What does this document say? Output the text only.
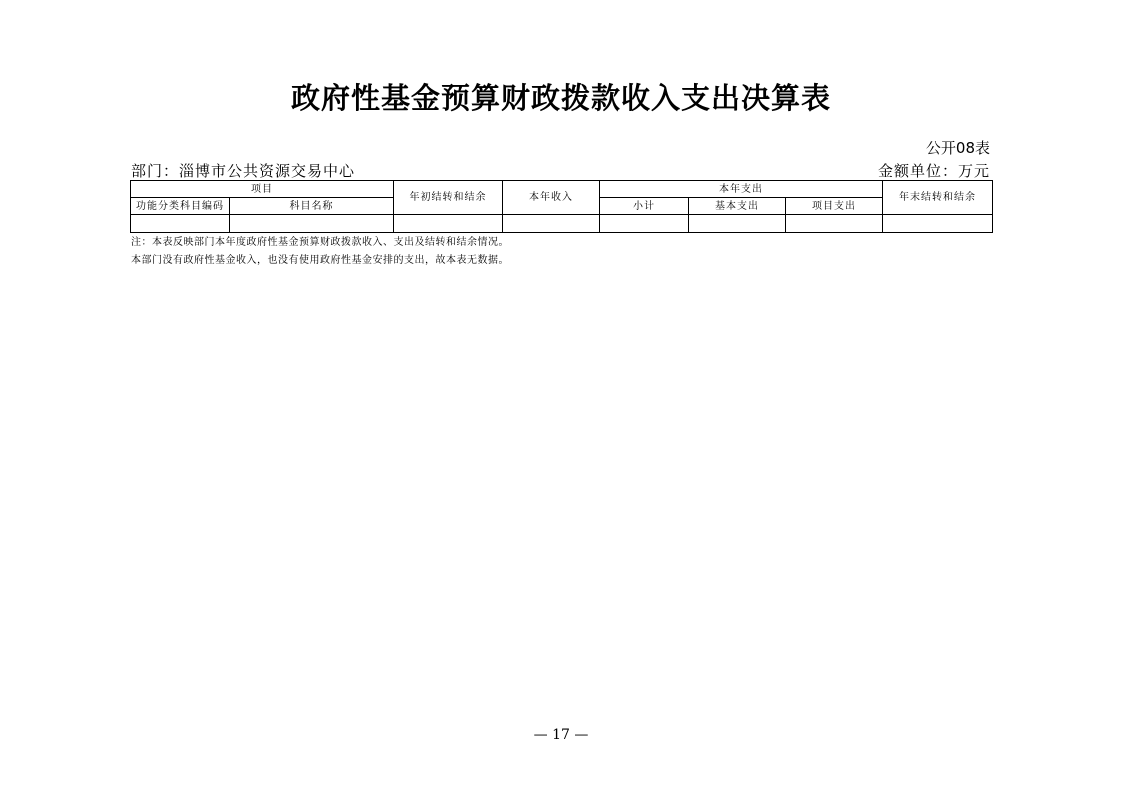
政府性基金预算财政拨款收入支出决算表
公开08表
部门：淄博市公共资源交易中心	金额单位：万元
项目		年初结转和结余	本年收入	本年支出			年末结转和结余
功能分类科目编码	科目名称			小计	基本支出	项目支出	

注：本表反映部门本年度政府性基金预算财政拨款收入、支出及结转和结余情况。
本部门没有政府性基金收入，也没有使用政府性基金安排的支出，故本表无数据。
— 17 —
